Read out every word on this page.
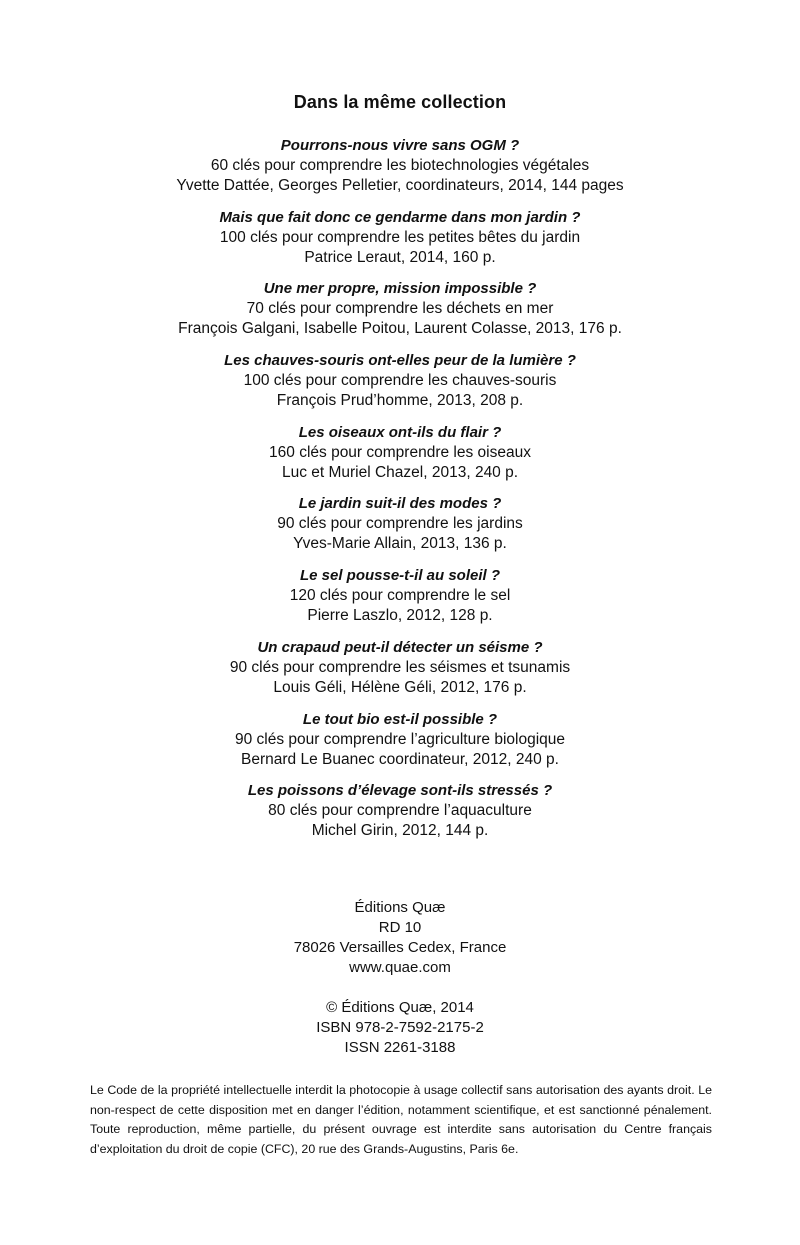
Dans la même collection
Pourrons-nous vivre sans OGM ?
60 clés pour comprendre les biotechnologies végétales
Yvette Dattée, Georges Pelletier, coordinateurs, 2014, 144 pages
Mais que fait donc ce gendarme dans mon jardin ?
100 clés pour comprendre les petites bêtes du jardin
Patrice Leraut, 2014, 160 p.
Une mer propre, mission impossible ?
70 clés pour comprendre les déchets en mer
François Galgani, Isabelle Poitou, Laurent Colasse, 2013, 176 p.
Les chauves-souris ont-elles peur de la lumière ?
100 clés pour comprendre les chauves-souris
François Prud’homme, 2013, 208 p.
Les oiseaux ont-ils du flair ?
160 clés pour comprendre les oiseaux
Luc et Muriel Chazel, 2013, 240 p.
Le jardin suit-il des modes ?
90 clés pour comprendre les jardins
Yves-Marie Allain, 2013, 136 p.
Le sel pousse-t-il au soleil ?
120 clés pour comprendre le sel
Pierre Laszlo, 2012, 128 p.
Un crapaud peut-il détecter un séisme ?
90 clés pour comprendre les séismes et tsunamis
Louis Géli, Hélène Géli, 2012, 176 p.
Le tout bio est-il possible ?
90 clés pour comprendre l’agriculture biologique
Bernard Le Buanec coordinateur, 2012, 240 p.
Les poissons d’élevage sont-ils stressés ?
80 clés pour comprendre l’aquaculture
Michel Girin, 2012, 144 p.
Éditions Quæ
RD 10
78026 Versailles Cedex, France
www.quae.com
© Éditions Quæ, 2014
ISBN 978-2-7592-2175-2
ISSN 2261-3188
Le Code de la propriété intellectuelle interdit la photocopie à usage collectif sans autorisation des ayants droit. Le non-respect de cette disposition met en danger l’édition, notamment scientifique, et est sanctionné pénalement. Toute reproduction, même partielle, du présent ouvrage est interdite sans autorisation du Centre français d’exploitation du droit de copie (CFC), 20 rue des Grands-Augustins, Paris 6e.
